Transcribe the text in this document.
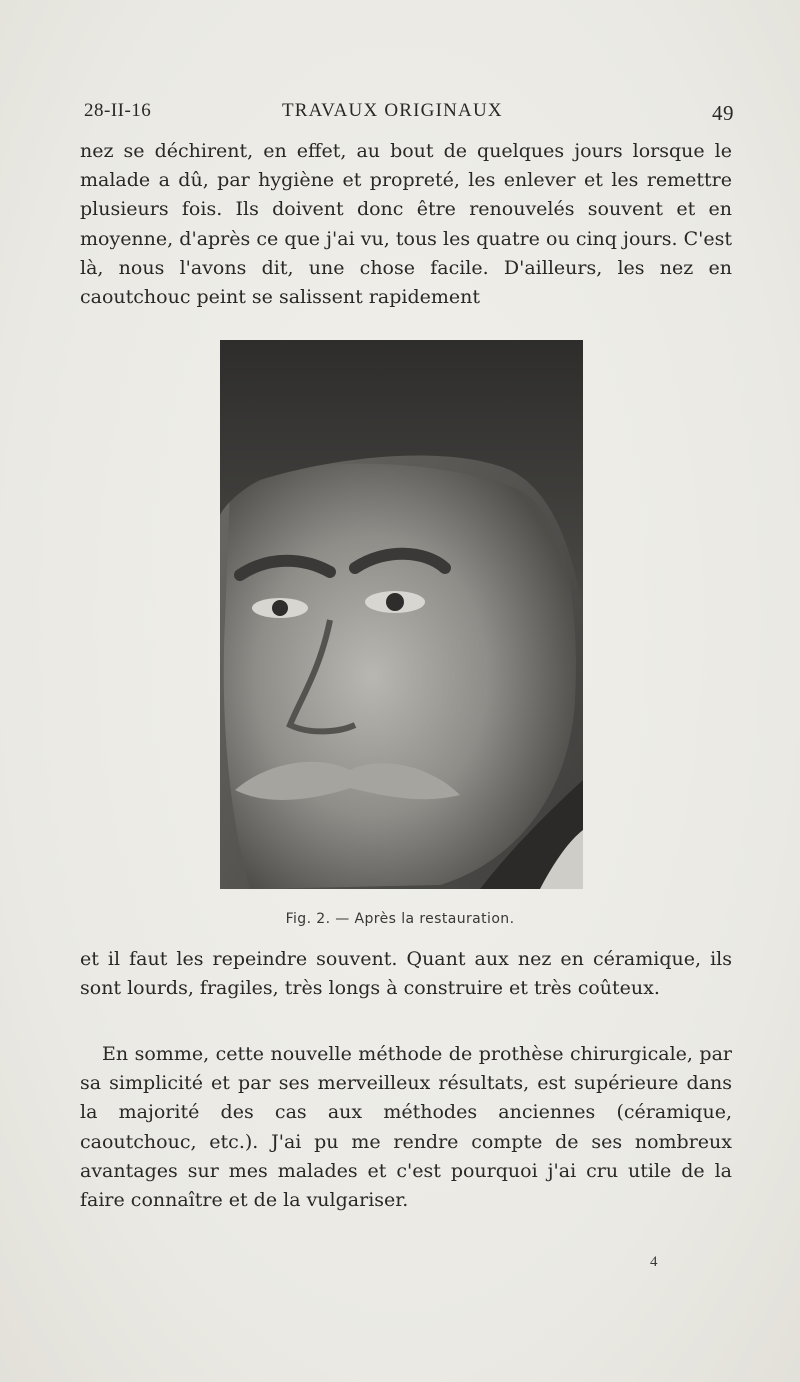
28-II-16	TRAVAUX ORIGINAUX	49

nez se déchirent, en effet, au bout de quelques jours lorsque le malade a dû, par hygiène et propreté, les enlever et les remettre plusieurs fois. Ils doivent donc être renouvelés souvent et en moyenne, d'après ce que j'ai vu, tous les quatre ou cinq jours. C'est là, nous l'avons dit, une chose facile. D'ailleurs, les nez en caoutchouc peint se salissent rapidement

Fig. 2. — Après la restauration.

et il faut les repeindre souvent. Quant aux nez en céramique, ils sont lourds, fragiles, très longs à construire et très coûteux.

En somme, cette nouvelle méthode de prothèse chirurgicale, par sa simplicité et par ses merveilleux résultats, est supérieure dans la majorité des cas aux méthodes anciennes (céramique, caoutchouc, etc.). J'ai pu me rendre compte de ses nombreux avantages sur mes malades et c'est pourquoi j'ai cru utile de la faire connaître et de la vulgariser.

4
